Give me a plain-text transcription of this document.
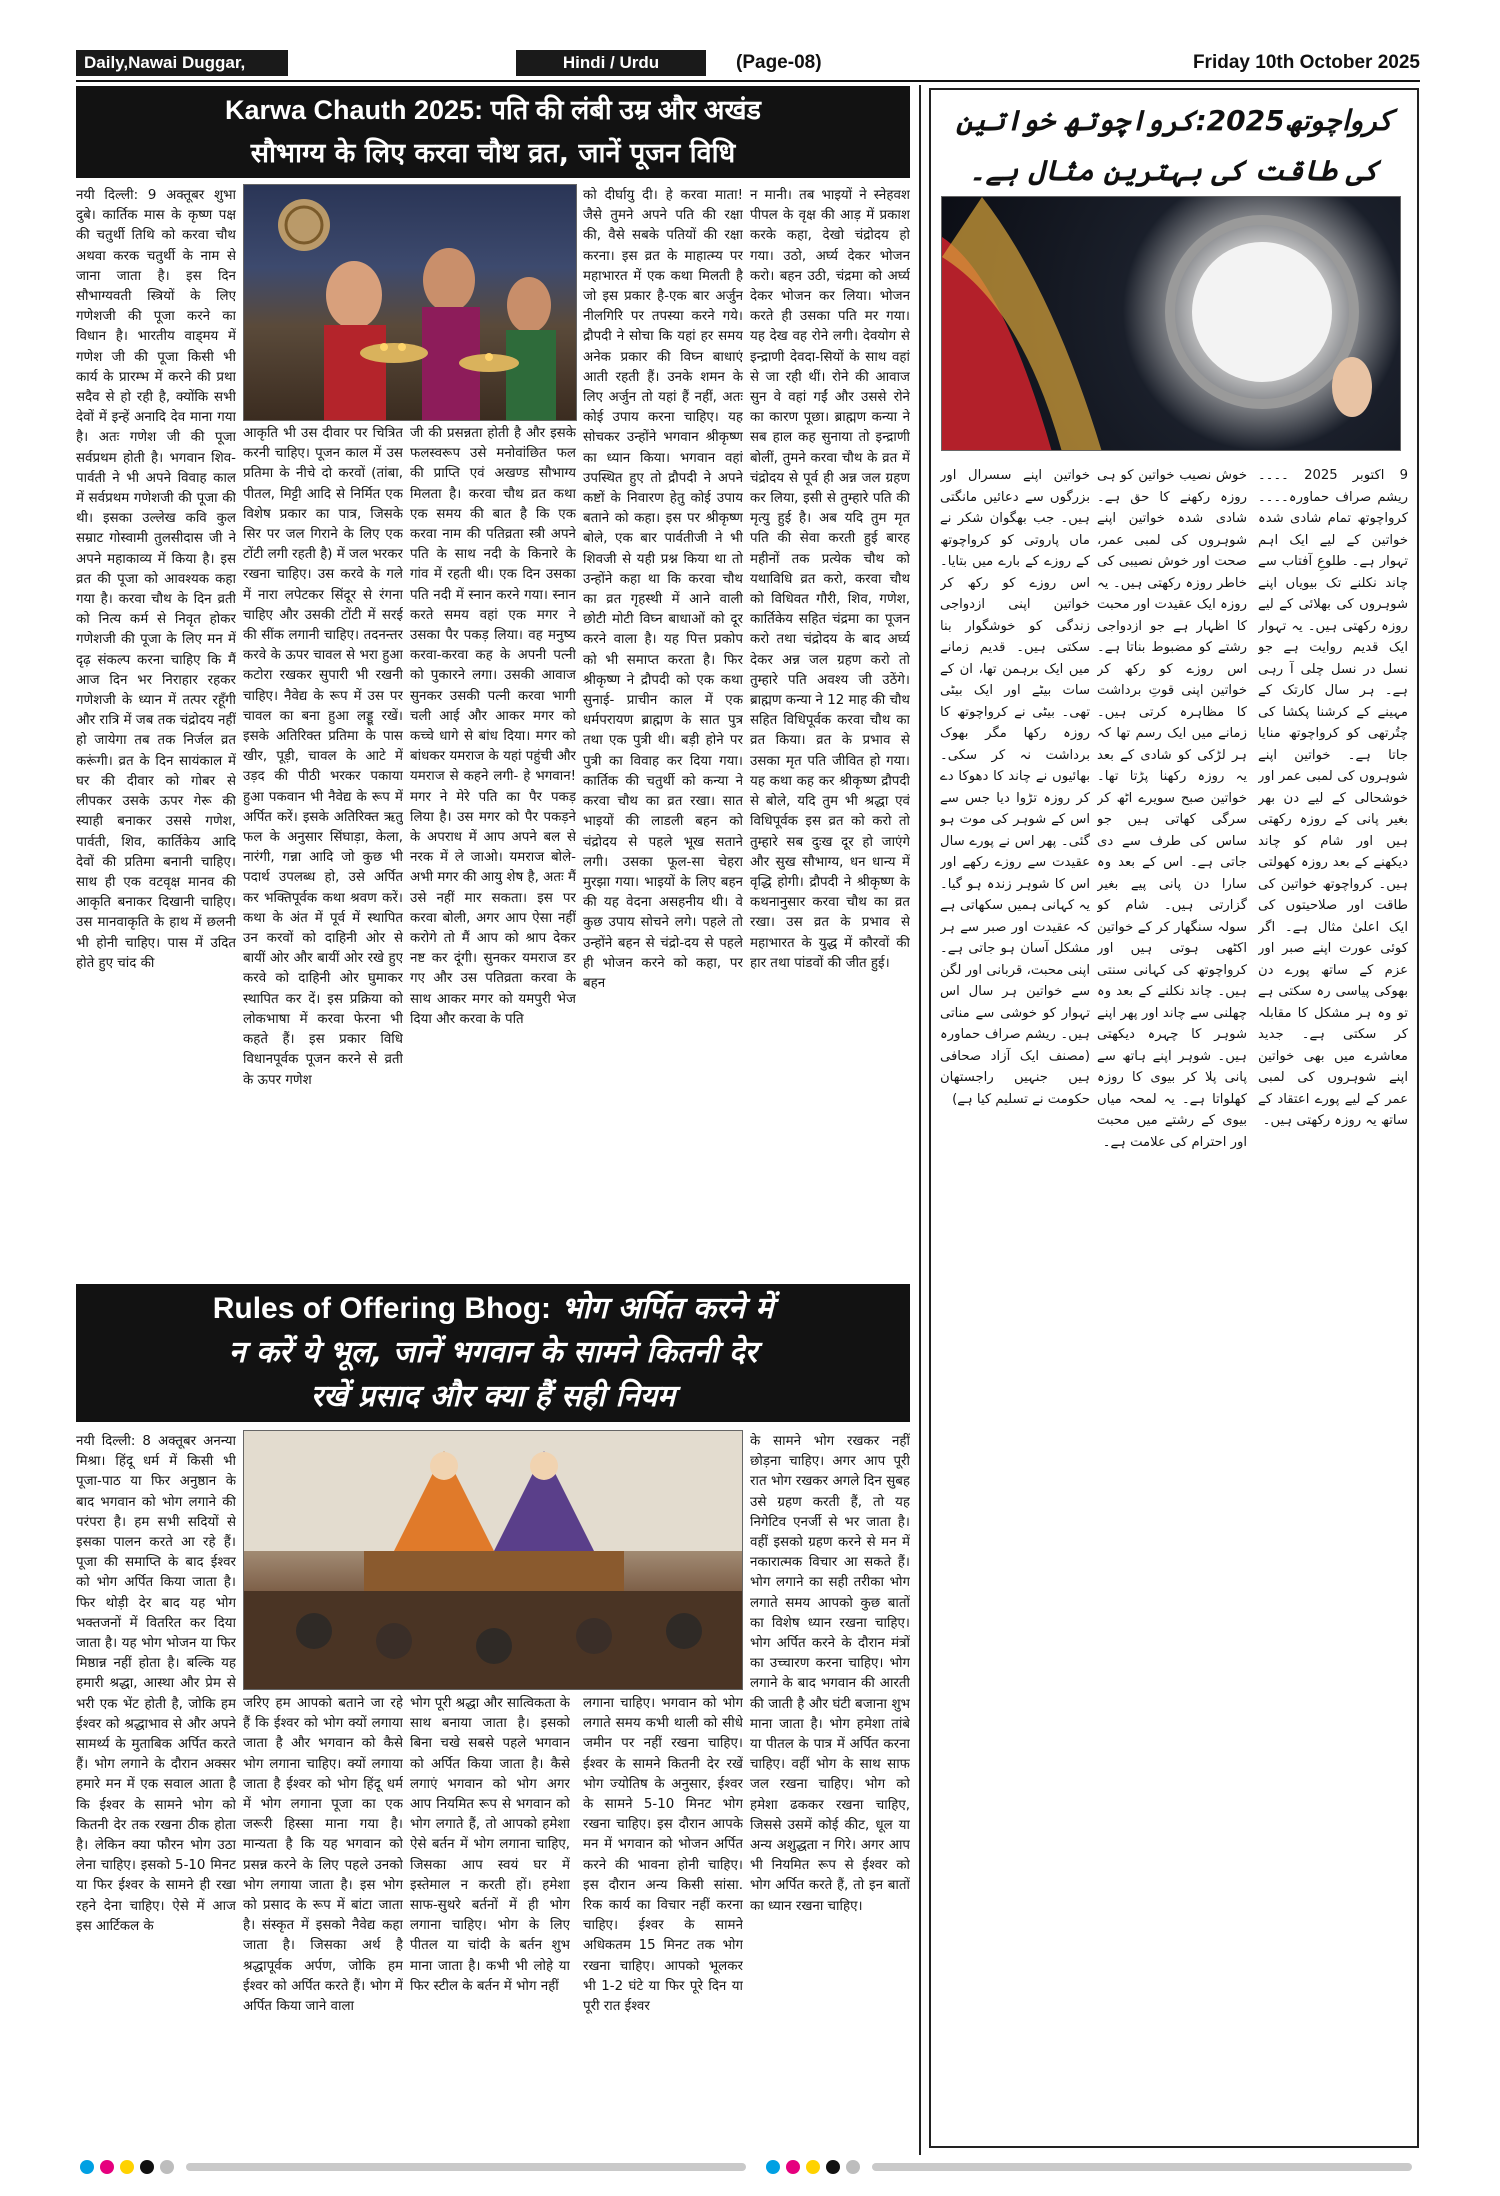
Daily,Nawai Duggar,	Hindi / Urdu	(Page-08)	Friday 10th October 2025
Karwa Chauth 2025: पति की लंबी उम्र और अखंड
सौभाग्य के लिए करवा चौथ व्रत, जानें पूजन विधि
नयी दिल्ली: 9 अक्तूबर शुभा दुबे। कार्तिक मास के कृष्ण पक्ष की चतुर्थी तिथि को करवा चौथ अथवा करक चतुर्थी के नाम से जाना जाता है। इस दिन सौभाग्यवती स्त्रियों के लिए गणेशजी की पूजा करने का विधान है। भारतीय वाड्मय में गणेश जी की पूजा किसी भी कार्य के प्रारम्भ में करने की प्रथा सदैव से हो रही है, क्योंकि सभी देवों में इन्हें अनादि देव माना गया है। अतः गणेश जी की पूजा सर्वप्रथम होती है। भगवान शिव-पार्वती ने भी अपने विवाह काल में सर्वप्रथम गणेशजी की पूजा की थी। इसका उल्लेख कवि कुल सम्राट गोस्वामी तुलसीदास जी ने अपने महाकाव्य में किया है। इस व्रत की पूजा को आवश्यक कहा गया है। करवा चौथ के दिन व्रती को नित्य कर्म से निवृत होकर गणेशजी की पूजा के लिए मन में दृढ़ संकल्प करना चाहिए कि मैं आज दिन भर निराहार रहकर गणेशजी के ध्यान में तत्पर रहूँगी और रात्रि में जब तक चंद्रोदय नहीं हो जायेगा तब तक निर्जल व्रत करूंगी। व्रत के दिन सायंकाल में घर की दीवार को गोबर से लीपकर उसके ऊपर गेरू की स्याही बनाकर उससे गणेश, पार्वती, शिव, कार्तिकेय आदि देवों की प्रतिमा बनानी चाहिए। साथ ही एक वटवृक्ष मानव की आकृति बनाकर दिखानी चाहिए। उस मानवाकृति के हाथ में छलनी भी होनी चाहिए। पास में उदित होते हुए चांद की
आकृति भी उस दीवार पर चित्रित करनी चाहिए। पूजन काल में उस प्रतिमा के नीचे दो करवों (तांबा, पीतल, मिट्टी आदि से निर्मित एक विशेष प्रकार का पात्र, जिसके सिर पर जल गिराने के लिए एक टोंटी लगी रहती है) में जल भरकर रखना चाहिए। उस करवे के गले में नारा लपेटकर सिंदूर से रंगना चाहिए और उसकी टोंटी में सरई की सींक लगानी चाहिए। तदनन्तर करवे के ऊपर चावल से भरा हुआ कटोरा रखकर सुपारी भी रखनी चाहिए। नैवेद्य के रूप में उस पर चावल का बना हुआ लड्डू रखें। इसके अतिरिक्त प्रतिमा के पास खीर, पूड़ी, चावल के आटे में उड़द की पीठी भरकर पकाया हुआ पकवान भी नैवेद्य के रूप में अर्पित करें। इसके अतिरिक्त ऋतु फल के अनुसार सिंघाड़ा, केला, नारंगी, गन्ना आदि जो कुछ भी पदार्थ उपलब्ध हो, उसे अर्पित कर भक्तिपूर्वक कथा श्रवण करें। कथा के अंत में पूर्व में स्थापित उन करवों को दाहिनी ओर से बायीं ओर और बायीं ओर रखे हुए करवे को दाहिनी ओर घुमाकर स्थापित कर दें। इस प्रक्रिया को लोकभाषा में करवा फेरना भी कहते हैं। इस प्रकार विधि विधानपूर्वक पूजन करने से व्रती के ऊपर गणेश
जी की प्रसन्नता होती है और इसके फलस्वरूप उसे मनोवांछित फल की प्राप्ति एवं अखण्ड सौभाग्य मिलता है। करवा चौथ व्रत कथा एक समय की बात है कि एक करवा नाम की पतिव्रता स्त्री अपने पति के साथ नदी के किनारे के गांव में रहती थी। एक दिन उसका पति नदी में स्नान करने गया। स्नान करते समय वहां एक मगर ने उसका पैर पकड़ लिया। वह मनुष्य करवा-करवा कह के अपनी पत्नी को पुकारने लगा। उसकी आवाज सुनकर उसकी पत्नी करवा भागी चली आई और आकर मगर को कच्चे धागे से बांध दिया। मगर को बांधकर यमराज के यहां पहुंची और यमराज से कहने लगी- हे भगवान! मगर ने मेरे पति का पैर पकड़ लिया है। उस मगर को पैर पकड़ने के अपराध में आप अपने बल से नरक में ले जाओ। यमराज बोले- अभी मगर की आयु शेष है, अतः मैं उसे नहीं मार सकता। इस पर करवा बोली, अगर आप ऐसा नहीं करोगे तो मैं आप को श्राप देकर नष्ट कर दूंगी। सुनकर यमराज डर गए और उस पतिव्रता करवा के साथ आकर मगर को यमपुरी भेज दिया और करवा के पति
को दीर्घायु दी। हे करवा माता! जैसे तुमने अपने पति की रक्षा की, वैसे सबके पतियों की रक्षा करना। इस व्रत के माहात्म्य पर महाभारत में एक कथा मिलती है जो इस प्रकार है-एक बार अर्जुन नीलगिरि पर तपस्या करने गये। द्रौपदी ने सोचा कि यहां हर समय अनेक प्रकार की विघ्न बाधाएं आती रहती हैं। उनके शमन के लिए अर्जुन तो यहां हैं नहीं, अतः कोई उपाय करना चाहिए। यह सोचकर उन्होंने भगवान श्रीकृष्ण का ध्यान किया। भगवान वहां उपस्थित हुए तो द्रौपदी ने अपने कष्टों के निवारण हेतु कोई उपाय बताने को कहा। इस पर श्रीकृष्ण बोले, एक बार पार्वतीजी ने भी शिवजी से यही प्रश्न किया था तो उन्होंने कहा था कि करवा चौथ का व्रत गृहस्थी में आने वाली छोटी मोटी विघ्न बाधाओं को दूर करने वाला है। यह पित्त प्रकोप को भी समाप्त करता है। फिर श्रीकृष्ण ने द्रौपदी को एक कथा सुनाई- प्राचीन काल में एक धर्मपरायण ब्राह्मण के सात पुत्र तथा एक पुत्री थी। बड़ी होने पर पुत्री का विवाह कर दिया गया। कार्तिक की चतुर्थी को कन्या ने करवा चौथ का व्रत रखा। सात भाइयों की लाडली बहन को चंद्रोदय से पहले भूख सताने लगी। उसका फूल-सा चेहरा मुरझा गया। भाइयों के लिए बहन की यह वेदना असहनीय थी। वे कुछ उपाय सोचने लगे। पहले तो उन्होंने बहन से चंद्रो-दय से पहले ही भोजन करने को कहा, पर बहन
न मानी। तब भाइयों ने स्नेहवश पीपल के वृक्ष की आड़ में प्रकाश करके कहा, देखो चंद्रोदय हो गया। उठो, अर्घ्य देकर भोजन करो। बहन उठी, चंद्रमा को अर्घ्य देकर भोजन कर लिया। भोजन करते ही उसका पति मर गया। यह देख वह रोने लगी। देवयोग से इन्द्राणी देवदा-सियों के साथ वहां से जा रही थीं। रोने की आवाज सुन वे वहां गईं और उससे रोने का कारण पूछा। ब्राह्मण कन्या ने सब हाल कह सुनाया तो इन्द्राणी बोलीं, तुमने करवा चौथ के व्रत में चंद्रोदय से पूर्व ही अन्न जल ग्रहण कर लिया, इसी से तुम्हारे पति की मृत्यु हुई है। अब यदि तुम मृत पति की सेवा करती हुई बारह महीनों तक प्रत्येक चौथ को यथाविधि व्रत करो, करवा चौथ को विधिवत गौरी, शिव, गणेश, कार्तिकेय सहित चंद्रमा का पूजन करो तथा चंद्रोदय के बाद अर्घ्य देकर अन्न जल ग्रहण करो तो तुम्हारे पति अवश्य जी उठेंगे। ब्राह्मण कन्या ने 12 माह की चौथ सहित विधिपूर्वक करवा चौथ का व्रत किया। व्रत के प्रभाव से उसका मृत पति जीवित हो गया। यह कथा कह कर श्रीकृष्ण द्रौपदी से बोले, यदि तुम भी श्रद्धा एवं विधिपूर्वक इस व्रत को करो तो तुम्हारे सब दुःख दूर हो जाएंगे और सुख सौभाग्य, धन धान्य में वृद्धि होगी। द्रौपदी ने श्रीकृष्ण के कथनानुसार करवा चौथ का व्रत रखा। उस व्रत के प्रभाव से महाभारत के युद्ध में कौरवों की हार तथा पांडवों की जीत हुई।
Rules of Offering Bhog: भोग अर्पित करने में
न करें ये भूल, जानें भगवान के सामने कितनी देर
रखें प्रसाद और क्या हैं सही नियम
नयी दिल्ली: 8 अक्तूबर अनन्या मिश्रा। हिंदू धर्म में किसी भी पूजा-पाठ या फिर अनुष्ठान के बाद भगवान को भोग लगाने की परंपरा है। हम सभी सदियों से इसका पालन करते आ रहे हैं। पूजा की समाप्ति के बाद ईश्वर को भोग अर्पित किया जाता है। फिर थोड़ी देर बाद यह भोग भक्तजनों में वितरित कर दिया जाता है। यह भोग भोजन या फिर मिष्ठान्न नहीं होता है। बल्कि यह हमारी श्रद्धा, आस्था और प्रेम से भरी एक भेंट होती है, जोकि हम ईश्वर को श्रद्धाभाव से और अपने सामर्थ्य के मुताबिक अर्पित करते हैं। भोग लगाने के दौरान अक्सर हमारे मन में एक सवाल आता है कि ईश्वर के सामने भोग को कितनी देर तक रखना ठीक होता है। लेकिन क्या फौरन भोग उठा लेना चाहिए। इसको 5-10 मिनट या फिर ईश्वर के सामने ही रखा रहने देना चाहिए। ऐसे में आज इस आर्टिकल के
जरिए हम आपको बताने जा रहे हैं कि ईश्वर को भोग क्यों लगाया जाता है और भगवान को कैसे भोग लगाना चाहिए। क्यों लगाया जाता है ईश्वर को भोग हिंदू धर्म में भोग लगाना पूजा का एक जरूरी हिस्सा माना गया है। मान्यता है कि यह भगवान को प्रसन्न करने के लिए पहले उनको भोग लगाया जाता है। इस भोग को प्रसाद के रूप में बांटा जाता है। संस्कृत में इसको नैवेद्य कहा जाता है। जिसका अर्थ है श्रद्धापूर्वक अर्पण, जोकि हम ईश्वर को अर्पित करते हैं। भोग में अर्पित किया जाने वाला
भोग पूरी श्रद्धा और सात्विकता के साथ बनाया जाता है। इसको बिना चखे सबसे पहले भगवान को अर्पित किया जाता है। कैसे लगाएं भगवान को भोग अगर आप नियमित रूप से भगवान को भोग लगाते हैं, तो आपको हमेशा ऐसे बर्तन में भोग लगाना चाहिए, जिसका आप स्वयं घर में इस्तेमाल न करती हों। हमेशा साफ-सुथरे बर्तनों में ही भोग लगाना चाहिए। भोग के लिए पीतल या चांदी के बर्तन शुभ माना जाता है। कभी भी लोहे या फिर स्टील के बर्तन में भोग नहीं
लगाना चाहिए। भगवान को भोग लगाते समय कभी थाली को सीधे जमीन पर नहीं रखना चाहिए। ईश्वर के सामने कितनी देर रखें भोग ज्योतिष के अनुसार, ईश्वर के सामने 5-10 मिनट भोग रखना चाहिए। इस दौरान आपके मन में भगवान को भोजन अर्पित करने की भावना होनी चाहिए। इस दौरान अन्य किसी सांसा. रिक कार्य का विचार नहीं करना चाहिए। ईश्वर के सामने अधिकतम 15 मिनट तक भोग रखना चाहिए। आपको भूलकर भी 1-2 घंटे या फिर पूरे दिन या पूरी रात ईश्वर
के सामने भोग रखकर नहीं छोड़ना चाहिए। अगर आप पूरी रात भोग रखकर अगले दिन सुबह उसे ग्रहण करती हैं, तो यह निगेटिव एनर्जी से भर जाता है। वहीं इसको ग्रहण करने से मन में नकारात्मक विचार आ सकते हैं। भोग लगाने का सही तरीका भोग लगाते समय आपको कुछ बातों का विशेष ध्यान रखना चाहिए। भोग अर्पित करने के दौरान मंत्रों का उच्चारण करना चाहिए। भोग लगाने के बाद भगवान की आरती की जाती है और घंटी बजाना शुभ माना जाता है। भोग हमेशा तांबे या पीतल के पात्र में अर्पित करना चाहिए। वहीं भोग के साथ साफ जल रखना चाहिए। भोग को हमेशा ढककर रखना चाहिए, जिससे उसमें कोई कीट, धूल या अन्य अशुद्धता न गिरे। अगर आप भी नियमित रूप से ईश्वर को भोग अर्पित करते हैं, तो इन बातों का ध्यान रखना चाहिए।
کرواچوتھ2025:کرواچوتھ خواتین کی طاقت کی بہترین مثال ہے۔
9 اکتوبر 2025 ۔۔۔۔ ریشم صراف حماورہ۔۔۔۔ کرواچوتھ تمام شادی شدہ خواتین کے لیے ایک اہم تہوار ہے۔ طلوعِ آفتاب سے چاند نکلنے تک بیویاں اپنے شوہروں کی بھلائی کے لیے روزہ رکھتی ہیں۔ یہ تہوار ایک قدیم روایت ہے جو نسل در نسل چلی آ رہی ہے۔ ہر سال کارتک کے مہینے کے کرشنا پکشا کی چتُرتھی کو کرواچوتھ منایا جاتا ہے۔ خواتین اپنے شوہروں کی لمبی عمر اور خوشحالی کے لیے دن بھر بغیر پانی کے روزہ رکھتی ہیں اور شام کو چاند دیکھنے کے بعد روزہ کھولتی ہیں۔ کرواچوتھ خواتین کی طاقت اور صلاحیتوں کی ایک اعلیٰ مثال ہے۔ اگر کوئی عورت اپنے صبر اور عزم کے ساتھ پورے دن بھوکی پیاسی رہ سکتی ہے تو وہ ہر مشکل کا مقابلہ کر سکتی ہے۔ جدید معاشرے میں بھی خواتین اپنے شوہروں کی لمبی عمر کے لیے پورے اعتقاد کے ساتھ یہ روزہ رکھتی ہیں۔
خوش نصیب خواتین کو ہی روزہ رکھنے کا حق ہے۔ شادی شدہ خواتین اپنے شوہروں کی لمبی عمر، صحت اور خوش نصیبی کی خاطر روزہ رکھتی ہیں۔ یہ روزہ ایک عقیدت اور محبت کا اظہار ہے جو ازدواجی رشتے کو مضبوط بناتا ہے۔ اس روزے کو رکھ کر خواتین اپنی قوتِ برداشت کا مظاہرہ کرتی ہیں۔ زمانے میں ایک رسم تھا کہ ہر لڑکی کو شادی کے بعد یہ روزہ رکھنا پڑتا تھا۔ خواتین صبح سویرے اٹھ کر سرگی کھاتی ہیں جو ساس کی طرف سے دی جاتی ہے۔ اس کے بعد وہ سارا دن پانی پیے بغیر گزارتی ہیں۔ شام کو سولہ سنگھار کر کے خواتین اکٹھی ہوتی ہیں اور کرواچوتھ کی کہانی سنتی ہیں۔ چاند نکلنے کے بعد وہ چھلنی سے چاند اور پھر اپنے شوہر کا چہرہ دیکھتی ہیں۔ شوہر اپنے ہاتھ سے پانی پلا کر بیوی کا روزہ کھلواتا ہے۔ یہ لمحہ میاں بیوی کے رشتے میں محبت اور احترام کی علامت ہے۔
خواتین اپنے سسرال اور بزرگوں سے دعائیں مانگتی ہیں۔ جب بھگوان شکر نے ماں پاروتی کو کرواچوتھ کے روزے کے بارے میں بتایا۔ اس روزے کو رکھ کر خواتین اپنی ازدواجی زندگی کو خوشگوار بنا سکتی ہیں۔ قدیم زمانے میں ایک برہمن تھا، ان کے سات بیٹے اور ایک بیٹی تھی۔ بیٹی نے کرواچوتھ کا روزہ رکھا مگر بھوک برداشت نہ کر سکی۔ بھائیوں نے چاند کا دھوکا دے کر روزہ تڑوا دیا جس سے اس کے شوہر کی موت ہو گئی۔ پھر اس نے پورے سال عقیدت سے روزے رکھے اور اس کا شوہر زندہ ہو گیا۔ یہ کہانی ہمیں سکھاتی ہے کہ عقیدت اور صبر سے ہر مشکل آسان ہو جاتی ہے۔ اپنی محبت، قربانی اور لگن سے خواتین ہر سال اس تہوار کو خوشی سے مناتی ہیں۔ ریشم صراف حماورہ (مصنف ایک آزاد صحافی ہیں جنہیں راجستھان حکومت نے تسلیم کیا ہے)
